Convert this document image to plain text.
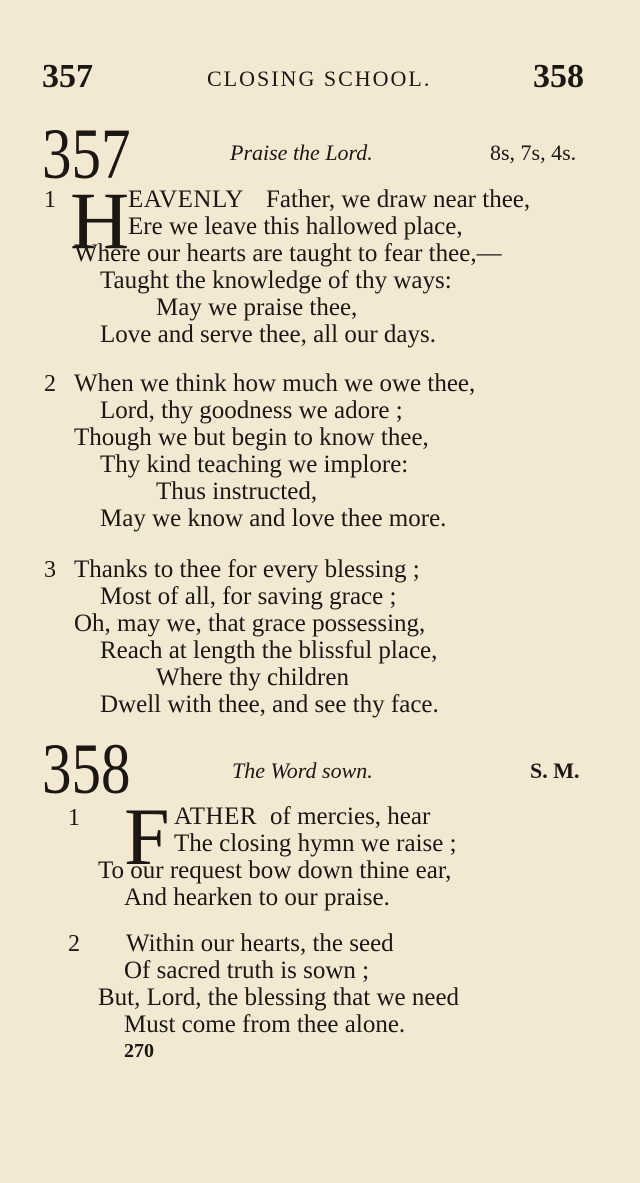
357	CLOSING SCHOOL.	358
357	Praise the Lord.	8s, 7s, 4s.
1 H
EAVENLY Father, we draw near thee,
Ere we leave this hallowed place,
Where our hearts are taught to fear thee,—
Taught the knowledge of thy ways:
May we praise thee,
Love and serve thee, all our days.
2 When we think how much we owe thee,
Lord, thy goodness we adore ;
Though we but begin to know thee,
Thy kind teaching we implore:
Thus instructed,
May we know and love thee more.
3 Thanks to thee for every blessing ;
Most of all, for saving grace ;
Oh, may we, that grace possessing,
Reach at length the blissful place,
Where thy children
Dwell with thee, and see thy face.
358	The Word sown.	S. M.
1 F ATHER of mercies, hear
The closing hymn we raise ;
To our request bow down thine ear,
And hearken to our praise.
2 Within our hearts, the seed
Of sacred truth is sown ;
But, Lord, the blessing that we need
Must come from thee alone.
270
